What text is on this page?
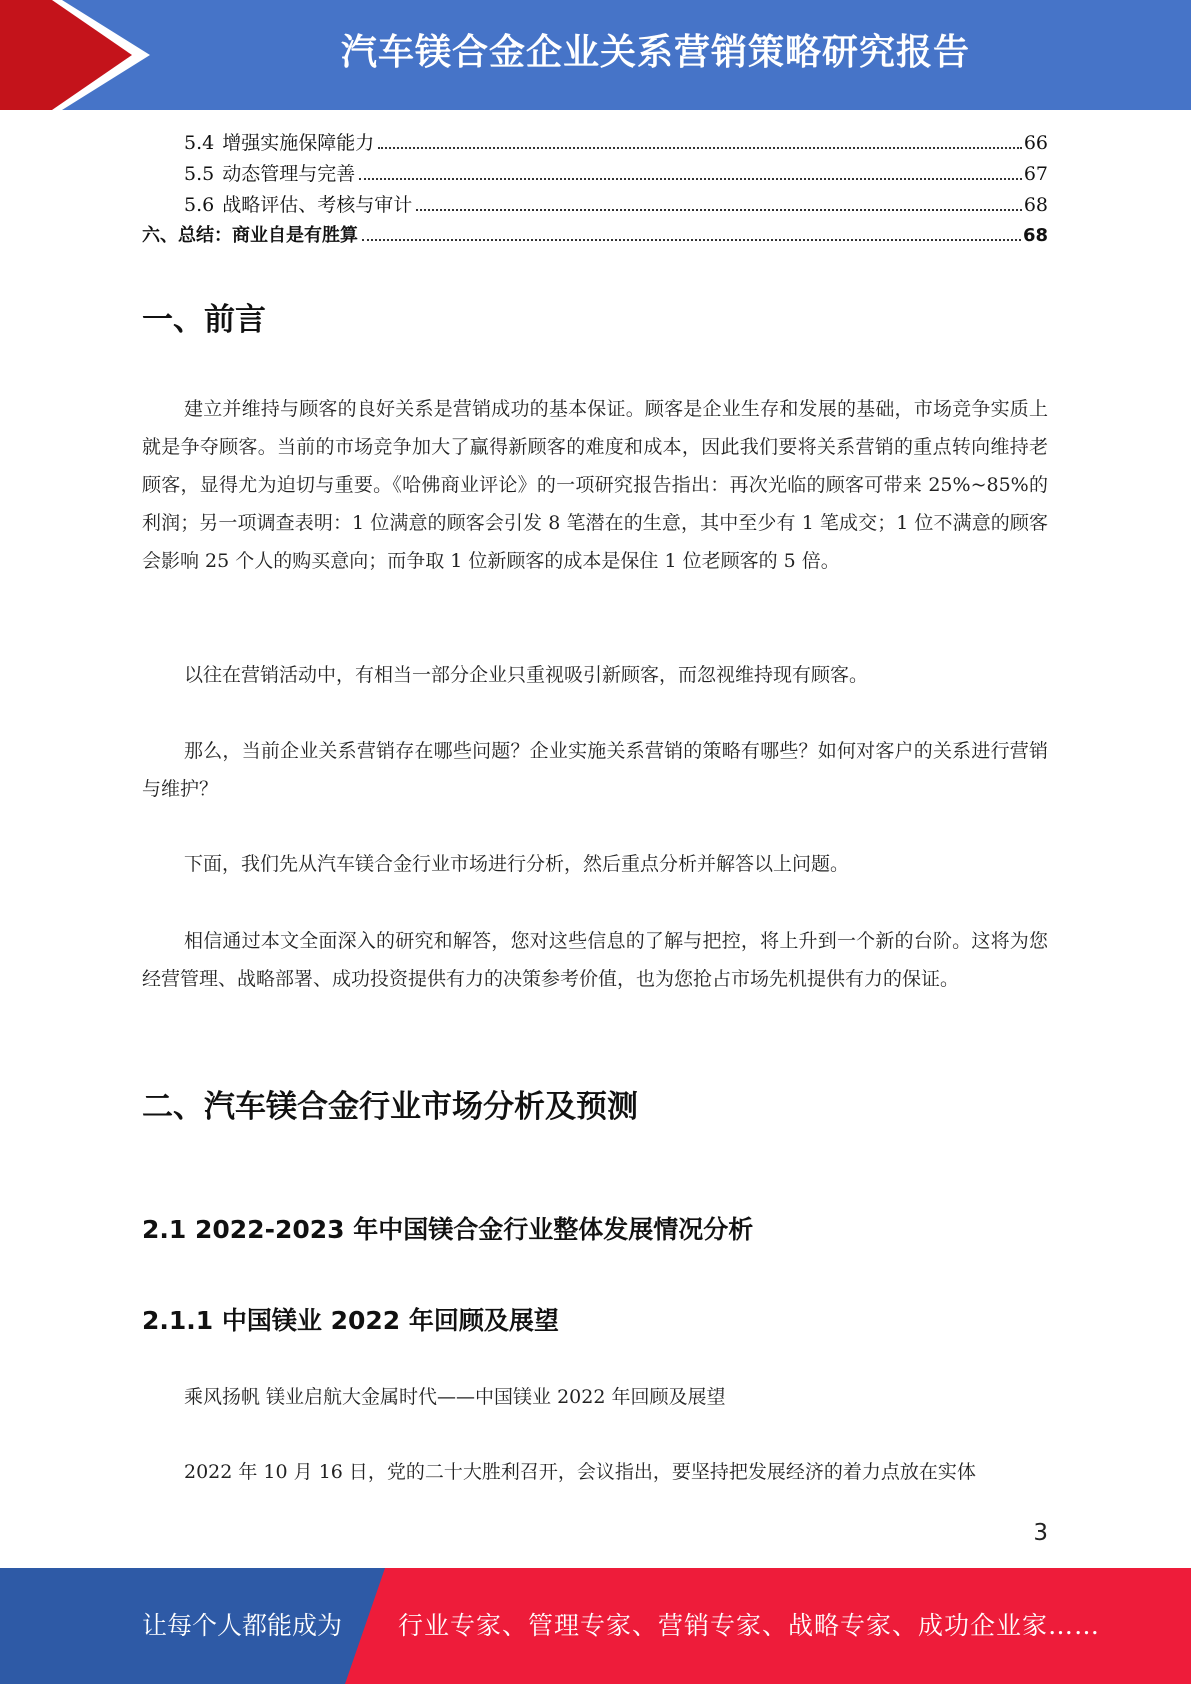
汽车镁合金企业关系营销策略研究报告
5.4 增强实施保障能力	66
5.5 动态管理与完善	67
5.6 战略评估、考核与审计	68
六、总结：商业自是有胜算	68
一、前言

建立并维持与顾客的良好关系是营销成功的基本保证。顾客是企业生存和发展的基础，市场竞争实质上就是争夺顾客。当前的市场竞争加大了赢得新顾客的难度和成本，因此我们要将关系营销的重点转向维持老顾客，显得尤为迫切与重要。《哈佛商业评论》的一项研究报告指出：再次光临的顾客可带来 25%~85%的利润；另一项调查表明：1 位满意的顾客会引发 8 笔潜在的生意，其中至少有 1 笔成交；1 位不满意的顾客会影响 25 个人的购买意向；而争取 1 位新顾客的成本是保住 1 位老顾客的 5 倍。

以往在营销活动中，有相当一部分企业只重视吸引新顾客，而忽视维持现有顾客。

那么，当前企业关系营销存在哪些问题？企业实施关系营销的策略有哪些？如何对客户的关系进行营销与维护？

下面，我们先从汽车镁合金行业市场进行分析，然后重点分析并解答以上问题。

相信通过本文全面深入的研究和解答，您对这些信息的了解与把控，将上升到一个新的台阶。这将为您经营管理、战略部署、成功投资提供有力的决策参考价值，也为您抢占市场先机提供有力的保证。

二、汽车镁合金行业市场分析及预测
2.1 2022-2023 年中国镁合金行业整体发展情况分析
2.1.1 中国镁业 2022 年回顾及展望

乘风扬帆 镁业启航大金属时代——中国镁业 2022 年回顾及展望

2022 年 10 月 16 日，党的二十大胜利召开，会议指出，要坚持把发展经济的着力点放在实体

3
让每个人都能成为 行业专家、管理专家、营销专家、战略专家、成功企业家……
